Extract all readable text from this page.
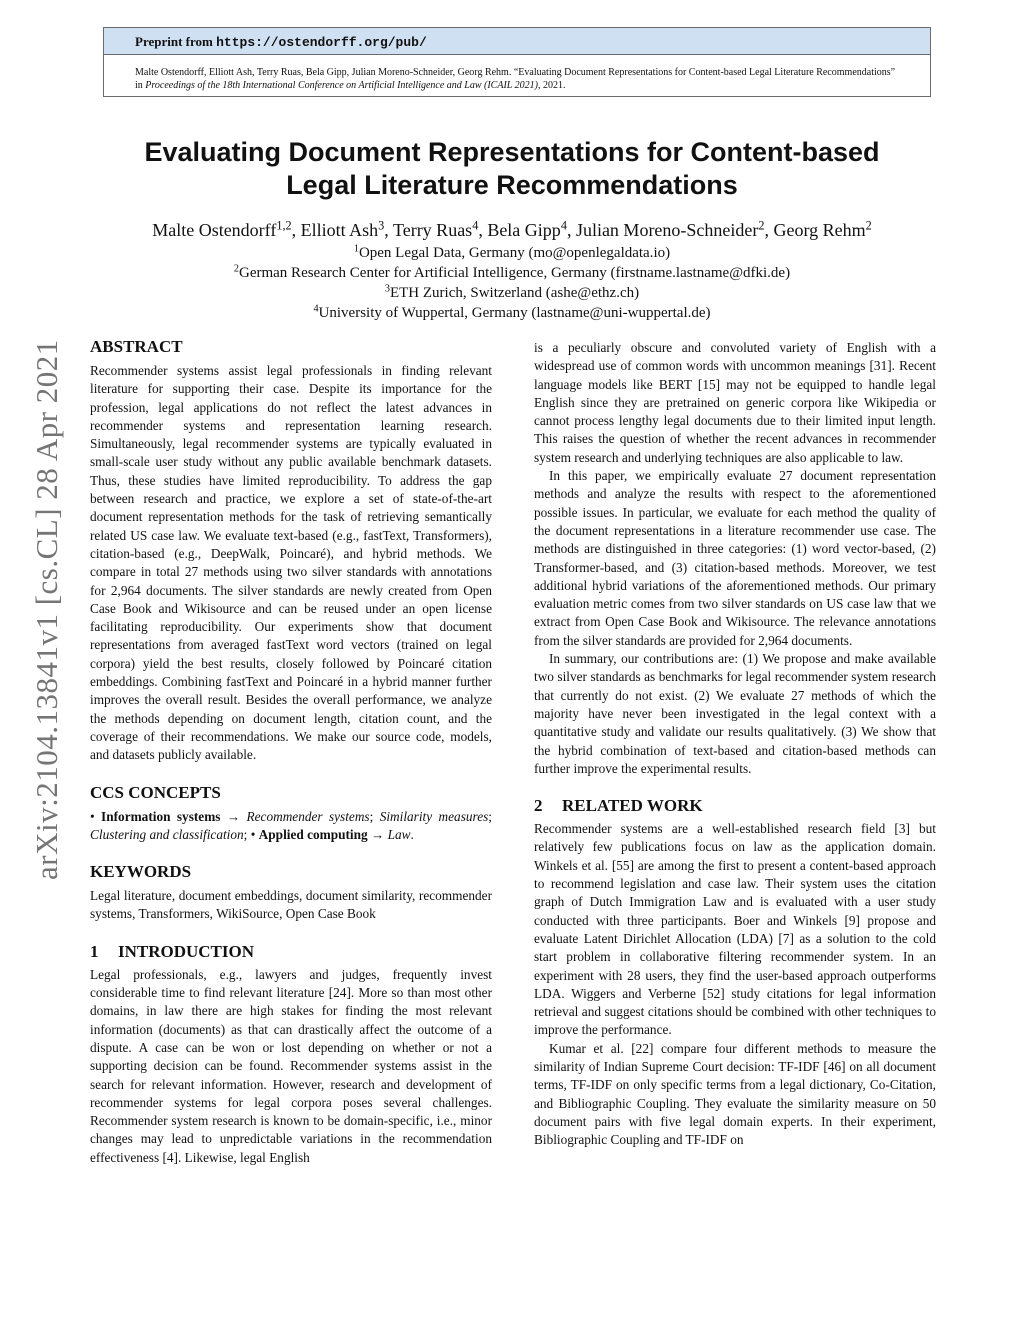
Preprint from https://ostendorff.org/pub/
Malte Ostendorff, Elliott Ash, Terry Ruas, Bela Gipp, Julian Moreno-Schneider, Georg Rehm. “Evaluating Document Representations for Content-based Legal Literature Recommendations” in Proceedings of the 18th International Conference on Artificial Intelligence and Law (ICAIL 2021), 2021.
arXiv:2104.13841v1 [cs.CL] 28 Apr 2021
Evaluating Document Representations for Content-based
Legal Literature Recommendations
Malte Ostendorff$^{1,2}$, Elliott Ash$^3$, Terry Ruas$^4$, Bela Gipp$^4$, Julian Moreno-Schneider$^2$, Georg Rehm$^2$
$^1$Open Legal Data, Germany (mo@openlegaldata.io)
$^2$German Research Center for Artificial Intelligence, Germany (firstname.lastname@dfki.de)
$^3$ETH Zurich, Switzerland (ashe@ethz.ch)
$^4$University of Wuppertal, Germany (lastname@uni-wuppertal.de)
ABSTRACT

Recommender systems assist legal professionals in finding relevant literature for supporting their case. Despite its importance for the profession, legal applications do not reflect the latest advances in recommender systems and representation learning research. Simultaneously, legal recommender systems are typically evaluated in small-scale user study without any public available benchmark datasets. Thus, these studies have limited reproducibility. To address the gap between research and practice, we explore a set of state-of-the-art document representation methods for the task of retrieving semantically related US case law. We evaluate text-based (e.g., fastText, Transformers), citation-based (e.g., DeepWalk, Poincaré), and hybrid methods. We compare in total 27 methods using two silver standards with annotations for 2,964 documents. The silver standards are newly created from Open Case Book and Wikisource and can be reused under an open license facilitating reproducibility. Our experiments show that document representations from averaged fastText word vectors (trained on legal corpora) yield the best results, closely followed by Poincaré citation embeddings. Combining fastText and Poincaré in a hybrid manner further improves the overall result. Besides the overall performance, we analyze the methods depending on document length, citation count, and the coverage of their recommendations. We make our source code, models, and datasets publicly available.

CCS CONCEPTS

• Information systems → Recommender systems; Similarity measures; Clustering and classification; • Applied computing → Law.

KEYWORDS

Legal literature, document embeddings, document similarity, recommender systems, Transformers, WikiSource, Open Case Book

1 INTRODUCTION

Legal professionals, e.g., lawyers and judges, frequently invest considerable time to find relevant literature [24]. More so than most other domains, in law there are high stakes for finding the most relevant information (documents) as that can drastically affect the outcome of a dispute. A case can be won or lost depending on whether or not a supporting decision can be found. Recommender systems assist in the search for relevant information. However, research and development of recommender systems for legal corpora poses several challenges. Recommender system research is known to be domain-specific, i.e., minor changes may lead to unpredictable variations in the recommendation effectiveness [4]. Likewise, legal English

is a peculiarly obscure and convoluted variety of English with a widespread use of common words with uncommon meanings [31]. Recent language models like BERT [15] may not be equipped to handle legal English since they are pretrained on generic corpora like Wikipedia or cannot process lengthy legal documents due to their limited input length. This raises the question of whether the recent advances in recommender system research and underlying techniques are also applicable to law.

In this paper, we empirically evaluate 27 document representation methods and analyze the results with respect to the aforementioned possible issues. In particular, we evaluate for each method the quality of the document representations in a literature recommender use case. The methods are distinguished in three categories: (1) word vector-based, (2) Transformer-based, and (3) citation-based methods. Moreover, we test additional hybrid variations of the aforementioned methods. Our primary evaluation metric comes from two silver standards on US case law that we extract from Open Case Book and Wikisource. The relevance annotations from the silver standards are provided for 2,964 documents.

In summary, our contributions are: (1) We propose and make available two silver standards as benchmarks for legal recommender system research that currently do not exist. (2) We evaluate 27 methods of which the majority have never been investigated in the legal context with a quantitative study and validate our results qualitatively. (3) We show that the hybrid combination of text-based and citation-based methods can further improve the experimental results.

2 RELATED WORK

Recommender systems are a well-established research field [3] but relatively few publications focus on law as the application domain. Winkels et al. [55] are among the first to present a content-based approach to recommend legislation and case law. Their system uses the citation graph of Dutch Immigration Law and is evaluated with a user study conducted with three participants. Boer and Winkels [9] propose and evaluate Latent Dirichlet Allocation (LDA) [7] as a solution to the cold start problem in collaborative filtering recommender system. In an experiment with 28 users, they find the user-based approach outperforms LDA. Wiggers and Verberne [52] study citations for legal information retrieval and suggest citations should be combined with other techniques to improve the performance.

Kumar et al. [22] compare four different methods to measure the similarity of Indian Supreme Court decision: TF-IDF [46] on all document terms, TF-IDF on only specific terms from a legal dictionary, Co-Citation, and Bibliographic Coupling. They evaluate the similarity measure on 50 document pairs with five legal domain experts. In their experiment, Bibliographic Coupling and TF-IDF on
